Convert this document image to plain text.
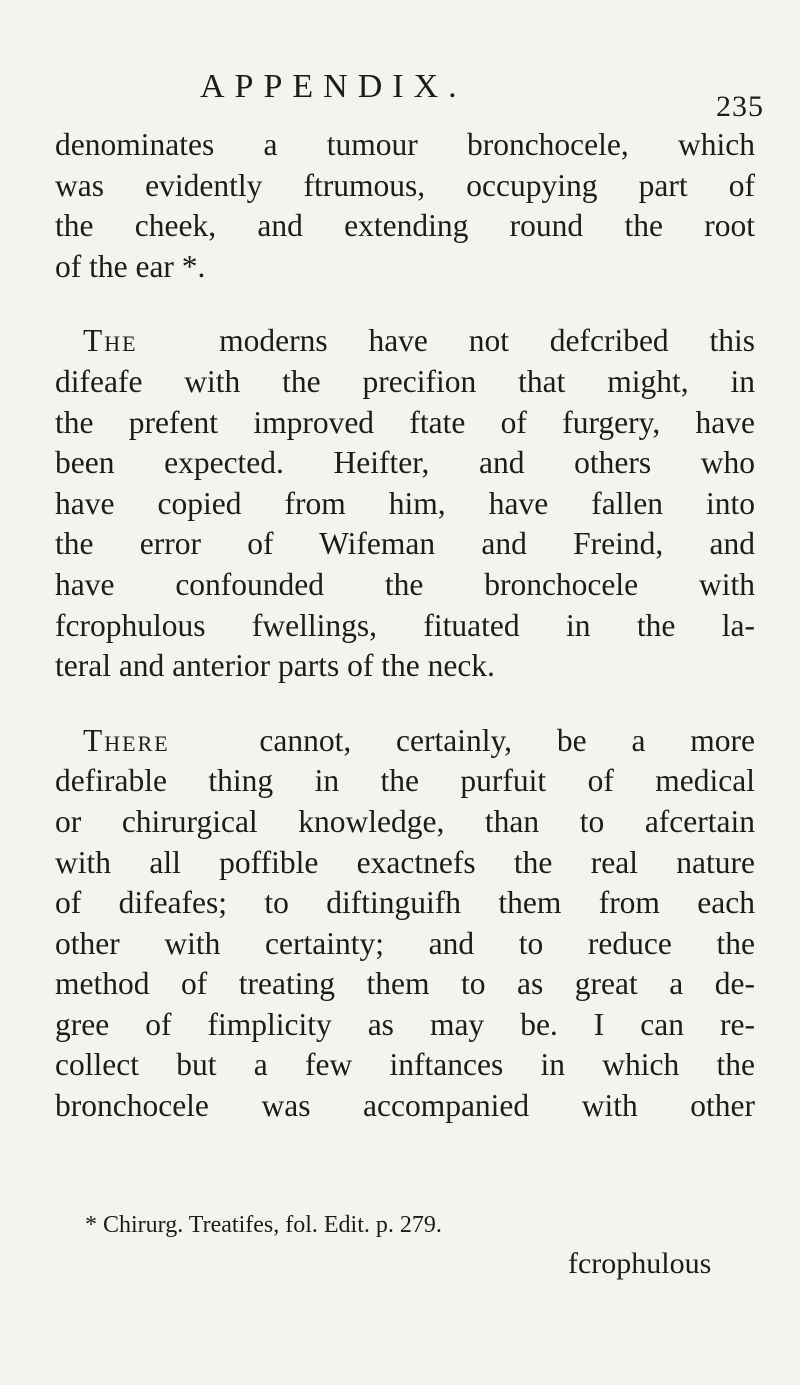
APPENDIX.
235
denominates a tumour bronchocele, which
was evidently ftrumous, occupying part of
the cheek, and extending round the root
of the ear *.
The	moderns have not defcribed this
difeafe with the precifion that might, in
the prefent improved ftate of furgery, have
been expected. Heifter, and others who
have copied from him, have fallen into
the error of Wifeman and Freind, and
have confounded the bronchocele with
fcrophulous fwellings, fituated in the la-
teral and anterior parts of the neck.
There	cannot, certainly, be a more
defirable thing in the purfuit of medical
or chirurgical knowledge, than to afcertain
with all poffible exactnefs the real nature
of difeafes; to diftinguifh them from each
other with certainty; and to reduce the
method of treating them to as great a de-
gree of fimplicity as may be. I can re-
collect but a few inftances in which the
bronchocele was accompanied with other
* Chirurg. Treatifes, fol. Edit. p. 279.
fcrophulous
